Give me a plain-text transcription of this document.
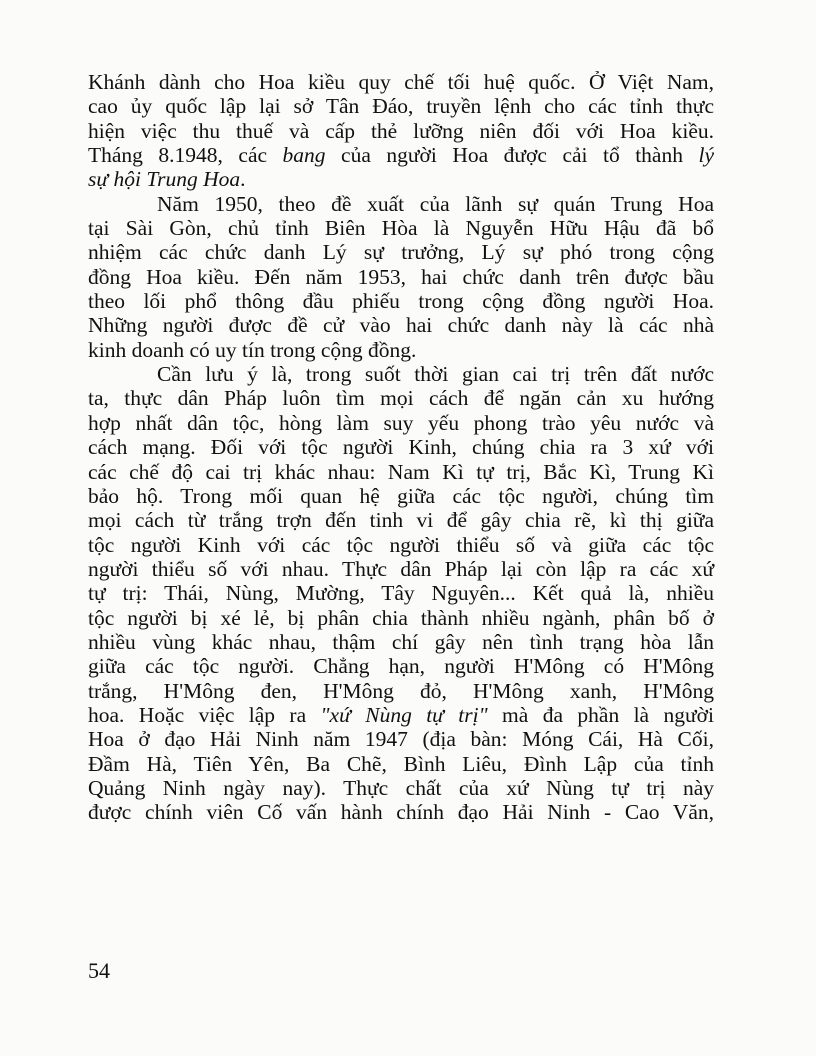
Khánh dành cho Hoa kiều quy chế tối huệ quốc. Ở Việt Nam,
cao ủy quốc lập lại sở Tân Đáo, truyền lệnh cho các tỉnh thực
hiện việc thu thuế và cấp thẻ lưỡng niên đối với Hoa kiều.
Tháng 8.1948, các bang của người Hoa được cải tổ thành lý
sự hội Trung Hoa.
Năm 1950, theo đề xuất của lãnh sự quán Trung Hoa
tại Sài Gòn, chủ tỉnh Biên Hòa là Nguyễn Hữu Hậu đã bổ
nhiệm các chức danh Lý sự trưởng, Lý sự phó trong cộng
đồng Hoa kiều. Đến năm 1953, hai chức danh trên được bầu
theo lối phổ thông đầu phiếu trong cộng đồng người Hoa.
Những người được đề cử vào hai chức danh này là các nhà
kinh doanh có uy tín trong cộng đồng.
Cần lưu ý là, trong suốt thời gian cai trị trên đất nước
ta, thực dân Pháp luôn tìm mọi cách để ngăn cản xu hướng
hợp nhất dân tộc, hòng làm suy yếu phong trào yêu nước và
cách mạng. Đối với tộc người Kinh, chúng chia ra 3 xứ với
các chế độ cai trị khác nhau: Nam Kì tự trị, Bắc Kì, Trung Kì
bảo hộ. Trong mối quan hệ giữa các tộc người, chúng tìm
mọi cách từ trắng trợn đến tinh vi để gây chia rẽ, kì thị giữa
tộc người Kinh với các tộc người thiểu số và giữa các tộc
người thiểu số với nhau. Thực dân Pháp lại còn lập ra các xứ
tự trị: Thái, Nùng, Mường, Tây Nguyên... Kết quả là, nhiều
tộc người bị xé lẻ, bị phân chia thành nhiều ngành, phân bố ở
nhiều vùng khác nhau, thậm chí gây nên tình trạng hòa lẫn
giữa các tộc người. Chẳng hạn, người H'Mông có H'Mông
trắng, H'Mông đen, H'Mông đỏ, H'Mông xanh, H'Mông
hoa. Hoặc việc lập ra "xứ Nùng tự trị" mà đa phần là người
Hoa ở đạo Hải Ninh năm 1947 (địa bàn: Móng Cái, Hà Cối,
Đầm Hà, Tiên Yên, Ba Chẽ, Bình Liêu, Đình Lập của tỉnh
Quảng Ninh ngày nay). Thực chất của xứ Nùng tự trị này
được chính viên Cố vấn hành chính đạo Hải Ninh - Cao Văn,
54
